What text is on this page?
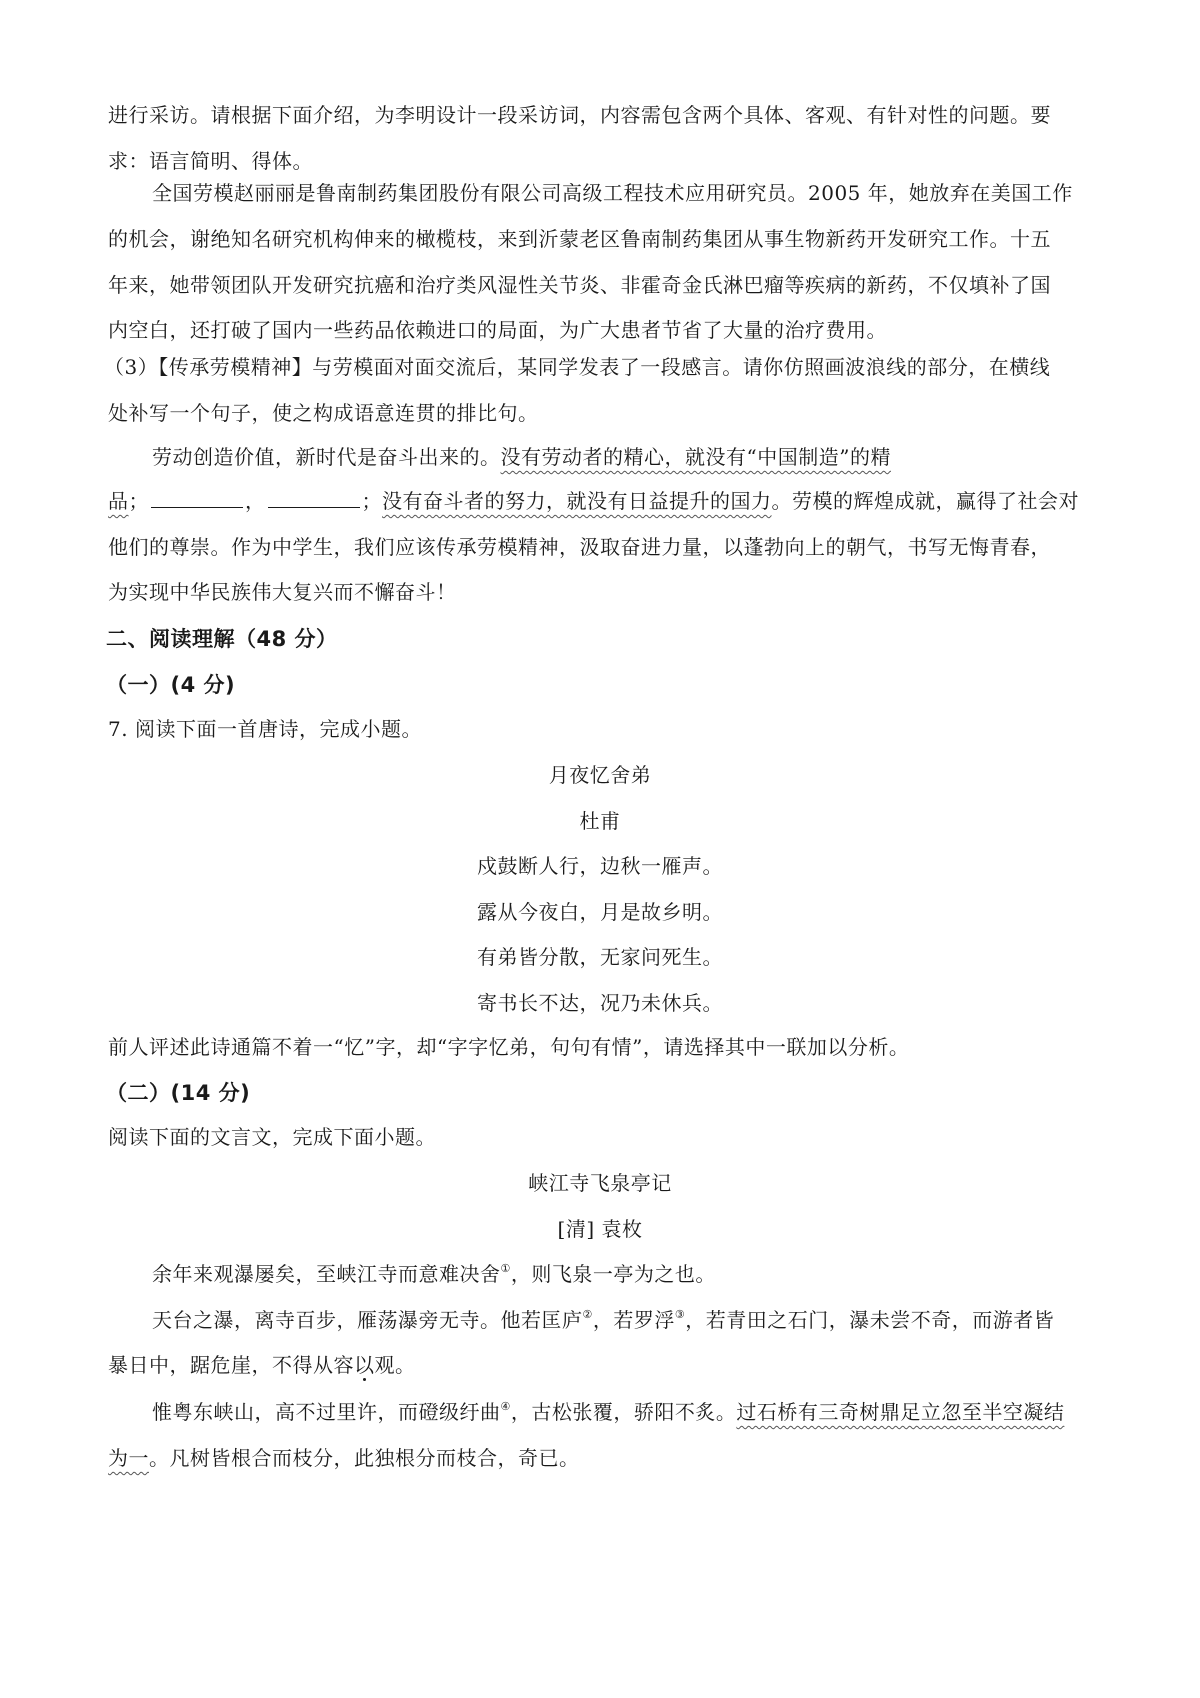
进行采访。请根据下面介绍，为李明设计一段采访词，内容需包含两个具体、客观、有针对性的问题。要
求：语言简明、得体。
全国劳模赵丽丽是鲁南制药集团股份有限公司高级工程技术应用研究员。2005 年，她放弃在美国工作
的机会，谢绝知名研究机构伸来的橄榄枝，来到沂蒙老区鲁南制药集团从事生物新药开发研究工作。十五
年来，她带领团队开发研究抗癌和治疗类风湿性关节炎、非霍奇金氏淋巴瘤等疾病的新药，不仅填补了国
内空白，还打破了国内一些药品依赖进口的局面，为广大患者节省了大量的治疗费用。
（3）【传承劳模精神】与劳模面对面交流后，某同学发表了一段感言。请你仿照画波浪线的部分，在横线
处补写一个句子，使之构成语意连贯的排比句。
劳动创造价值，新时代是奋斗出来的。没有劳动者的精心，就没有“中国制造”的精
品；	，	；没有奋斗者的努力，就没有日益提升的国力。劳模的辉煌成就，赢得了社会对
他们的尊崇。作为中学生，我们应该传承劳模精神，汲取奋进力量，以蓬勃向上的朝气，书写无悔青春，
为实现中华民族伟大复兴而不懈奋斗！
二、阅读理解（48 分）
（一）(4 分)
7. 阅读下面一首唐诗，完成小题。
月夜忆舍弟
杜甫
戍鼓断人行，边秋一雁声。
露从今夜白，月是故乡明。
有弟皆分散，无家问死生。
寄书长不达，况乃未休兵。
前人评述此诗通篇不着一“忆”字，却“字字忆弟，句句有情”，请选择其中一联加以分析。
（二）(14 分)
阅读下面的文言文，完成下面小题。
峡江寺飞泉亭记
[清] 袁枚
余年来观瀑屡矣，至峡江寺而意难决舍①，则飞泉一亭为之也。
天台之瀑，离寺百步，雁荡瀑旁无寺。他若匡庐②，若罗浮③，若青田之石门，瀑未尝不奇，而游者皆
暴日中，踞危崖，不得从容以观。
惟粤东峡山，高不过里许，而磴级纡曲④，古松张覆，骄阳不炙。过石桥有三奇树鼎足立忽至半空凝结
为一。凡树皆根合而枝分，此独根分而枝合，奇已。
